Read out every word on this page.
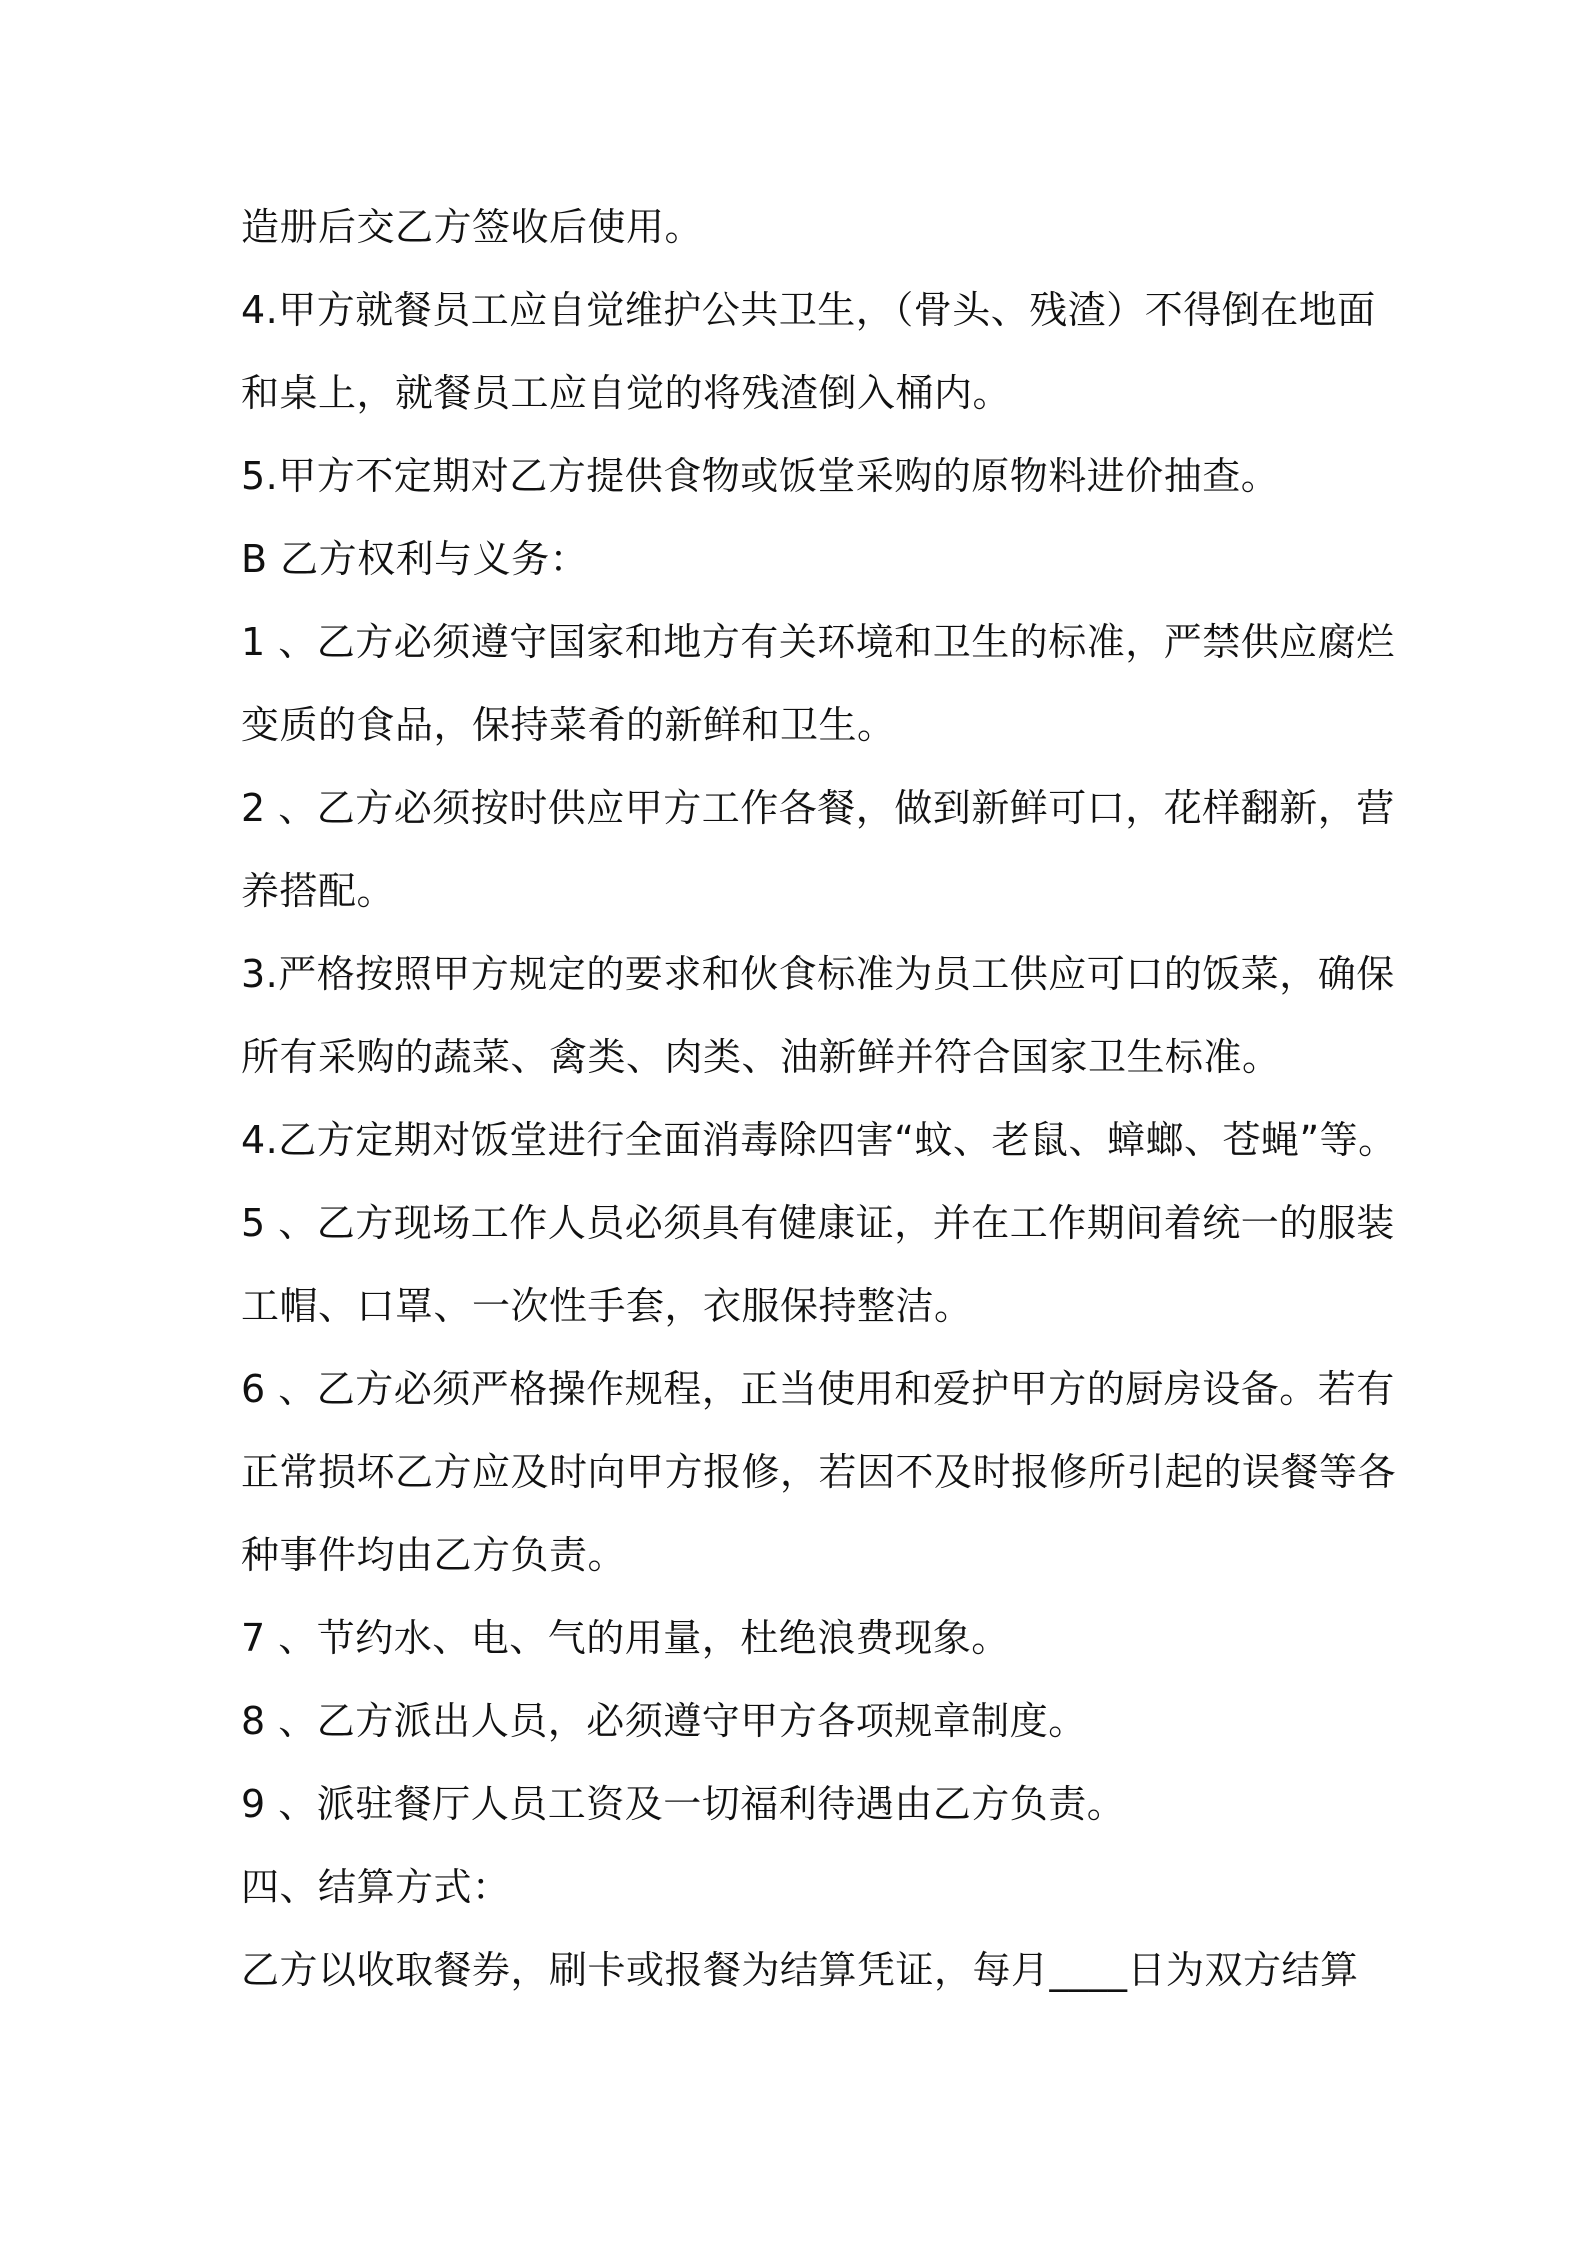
造册后交乙方签收后使用。
4.甲方就餐员工应自觉维护公共卫生，（骨头、残渣）不得倒在地面
和桌上，就餐员工应自觉的将残渣倒入桶内。
5.甲方不定期对乙方提供食物或饭堂采购的原物料进价抽查。
B 乙方权利与义务：
1 、乙方必须遵守国家和地方有关环境和卫生的标准，严禁供应腐烂
变质的食品，保持菜肴的新鲜和卫生。
2 、乙方必须按时供应甲方工作各餐，做到新鲜可口，花样翻新，营
养搭配。
3.严格按照甲方规定的要求和伙食标准为员工供应可口的饭菜，确保
所有采购的蔬菜、禽类、肉类、油新鲜并符合国家卫生标准。
4.乙方定期对饭堂进行全面消毒除四害“蚊、老鼠、蟑螂、苍蝇”等。
5 、乙方现场工作人员必须具有健康证，并在工作期间着统一的服装
工帽、口罩、一次性手套，衣服保持整洁。
6 、乙方必须严格操作规程，正当使用和爱护甲方的厨房设备。若有
正常损坏乙方应及时向甲方报修，若因不及时报修所引起的误餐等各
种事件均由乙方负责。
7 、节约水、电、气的用量，杜绝浪费现象。
8 、乙方派出人员，必须遵守甲方各项规章制度。
9 、派驻餐厅人员工资及一切福利待遇由乙方负责。
四、结算方式：
乙方以收取餐券，刷卡或报餐为结算凭证，每月____日为双方结算
